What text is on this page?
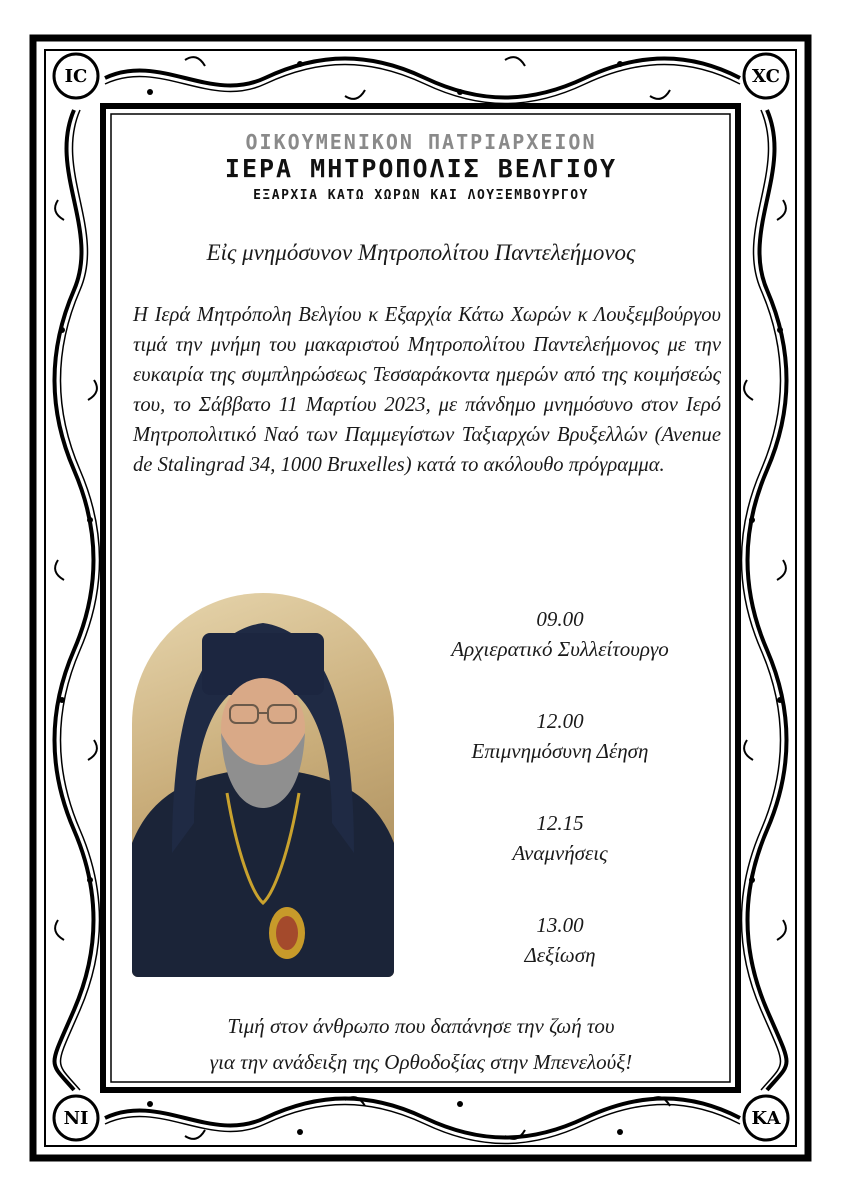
IC	XC
NI	KA
ΟΙΚΟΥΜΕΝΙΚΟΝ ΠΑΤΡΙΑΡΧΕΙΟΝ
ΙΕΡΑ ΜΗΤΡΟΠΟΛΙΣ ΒΕΛΓΙΟΥ
ΕΞΑΡΧΙΑ ΚΑΤΩ ΧΩΡΩΝ ΚΑΙ ΛΟΥΞΕΜΒΟΥΡΓΟΥ
Εἰς μνημόσυνον Μητροπολίτου Παντελεήμονος
Η Ιερά Μητρόπολη Βελγίου κ Εξαρχία Κάτω Χωρών κ Λουξεμβούργου τιμά την μνήμη του μακαριστού Μητροπολίτου Παντελεήμονος με την ευκαιρία της συμπληρώσεως Τεσσαράκοντα ημερών από της κοιμήσεώς του, το Σάββατο 11 Μαρτίου 2023, με πάνδημο μνημόσυνο στον Ιερό Μητροπολιτικό Ναό των Παμμεγίστων Ταξιαρχών Βρυξελλών (Avenue de Stalingrad 34, 1000 Bruxelles) κατά το ακόλουθο πρόγραμμα.
09.00
Αρχιερατικό Συλλείτουργο
12.00
Επιμνημόσυνη Δέηση
12.15
Αναμνήσεις
13.00
Δεξίωση
Τιμή στον άνθρωπο που δαπάνησε την ζωή του
για την ανάδειξη της Ορθοδοξίας στην Μπενελούξ!
